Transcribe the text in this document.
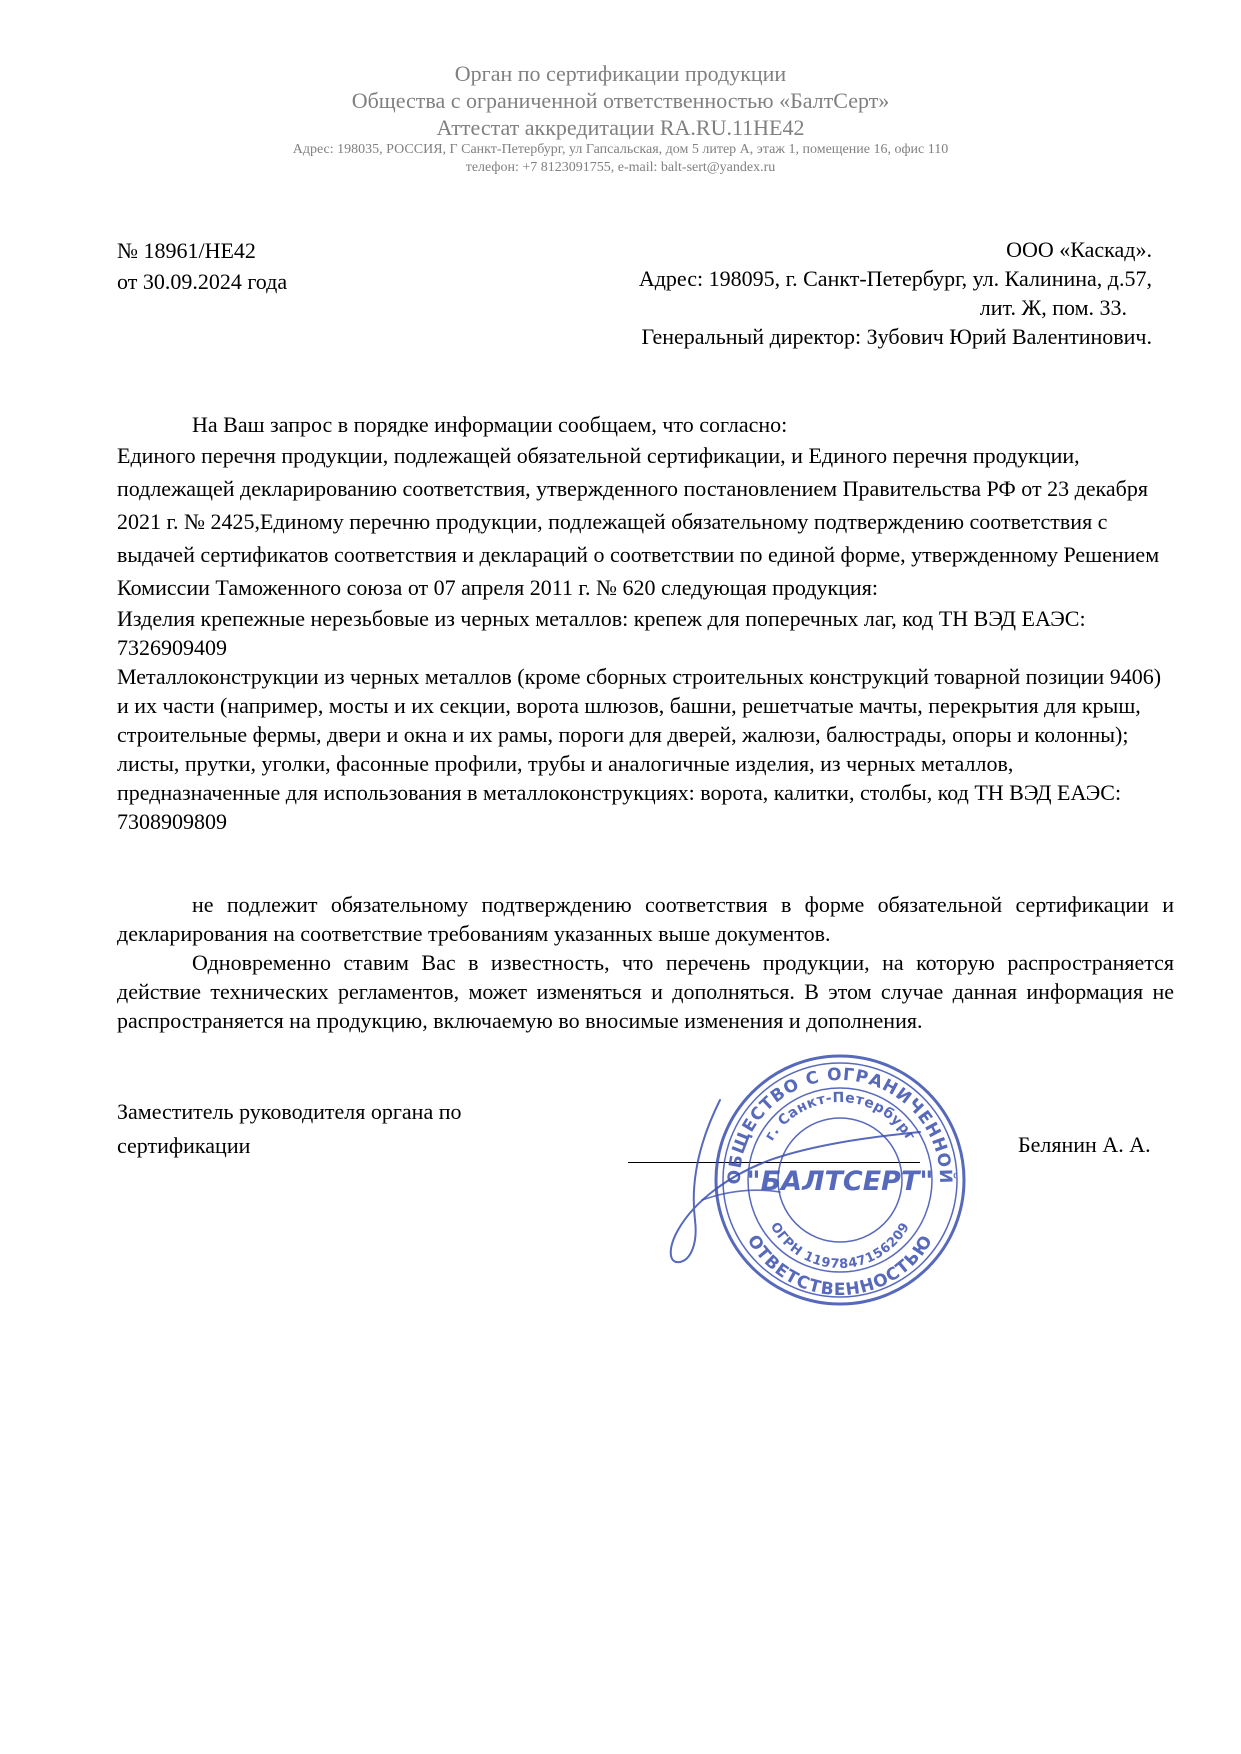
Орган по сертификации продукции
Общества с ограниченной ответственностью «БалтСерт»
Аттестат аккредитации RA.RU.11НЕ42
Адрес: 198035, РОССИЯ, Г Санкт-Петербург, ул Гапсальская, дом 5 литер А, этаж 1, помещение 16, офис 110
телефон: +7 8123091755, e-mail: balt-sert@yandex.ru
№ 18961/НЕ42
от 30.09.2024 года
ООО «Каскад».
Адрес: 198095, г. Санкт-Петербург, ул. Калинина, д.57,
лит. Ж, пом. 33.
Генеральный директор: Зубович Юрий Валентинович.

На Ваш запрос в порядке информации сообщаем, что согласно:

Единого перечня продукции, подлежащей обязательной сертификации, и Единого перечня продукции, подлежащей декларированию соответствия, утвержденного постановлением Правительства РФ от 23 декабря 2021 г. № 2425,Единому перечню продукции, подлежащей обязательному подтверждению соответствия с выдачей сертификатов соответствия и деклараций о соответствии по единой форме, утвержденному Решением Комиссии Таможенного союза от 07 апреля 2011 г. № 620 следующая продукция:

Изделия крепежные нерезьбовые из черных металлов: крепеж для поперечных лаг, код ТН ВЭД ЕАЭС: 7326909409

Металлоконструкции из черных металлов (кроме сборных строительных конструкций товарной позиции 9406) и их части (например, мосты и их секции, ворота шлюзов, башни, решетчатые мачты, перекрытия для крыш, строительные фермы, двери и окна и их рамы, пороги для дверей, жалюзи, балюстрады, опоры и колонны); листы, прутки, уголки, фасонные профили, трубы и аналогичные изделия, из черных металлов, предназначенные для использования в металлоконструкциях: ворота, калитки, столбы, код ТН ВЭД ЕАЭС: 7308909809

не подлежит обязательному подтверждению соответствия в форме обязательной сертификации и декларирования на соответствие требованиям указанных выше документов.

Одновременно ставим Вас в известность, что перечень продукции, на которую распространяется действие технических регламентов, может изменяться и дополняться. В этом случае данная информация не распространяется на продукцию, включаемую во вносимые изменения и дополнения.

Заместитель руководителя органа по
сертификации	Белянин А. А.
ОБЩЕСТВО С ОГРАНИЧЕННОЙ
г. Санкт-Петербург
"БАЛТСЕРТ"
ОТВЕТСТВЕННОСТЬЮ
ОГРН 1197847156209
